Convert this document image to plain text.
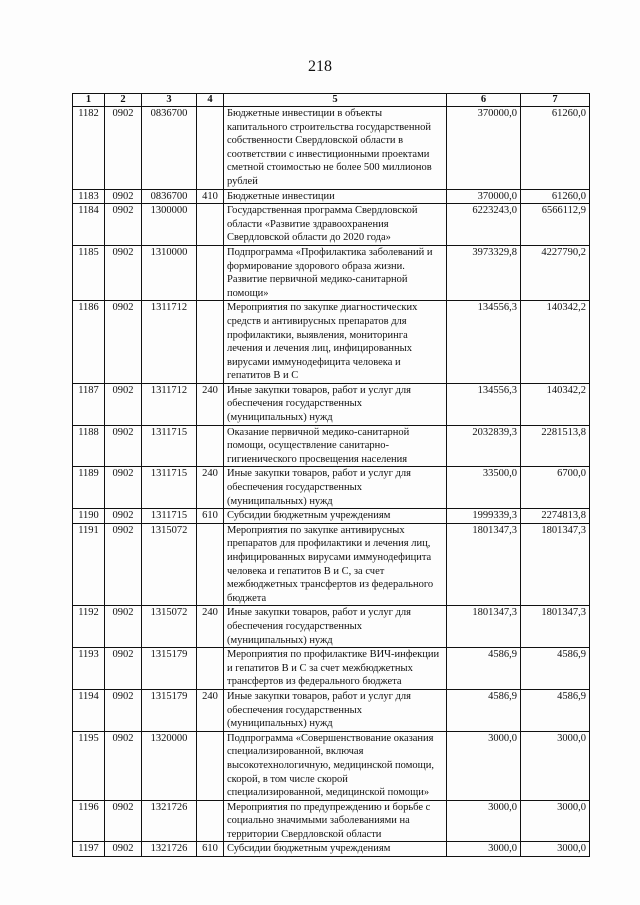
218
1	2	3	4	5	6	7
1182	0902	0836700		Бюджетные инвестиции в объекты капитального строительства государственной собственности Свердловской области в соответствии с инвестиционными проектами сметной стоимостью не более 500 миллионов рублей	370000,0	61260,0
1183	0902	0836700	410	Бюджетные инвестиции	370000,0	61260,0
1184	0902	1300000		Государственная программа Свердловской области «Развитие здравоохранения Свердловской области до 2020 года»	6223243,0	6566112,9
1185	0902	1310000		Подпрограмма «Профилактика заболеваний и формирование здорового образа жизни. Развитие первичной медико-санитарной помощи»	3973329,8	4227790,2
1186	0902	1311712		Мероприятия по закупке диагностических средств и антивирусных препаратов для профилактики, выявления, мониторинга лечения и лечения лиц, инфицированных вирусами иммунодефицита человека и гепатитов В и С	134556,3	140342,2
1187	0902	1311712	240	Иные закупки товаров, работ и услуг для обеспечения государственных (муниципальных) нужд	134556,3	140342,2
1188	0902	1311715		Оказание первичной медико-санитарной помощи, осуществление санитарно-гигиенического просвещения населения	2032839,3	2281513,8
1189	0902	1311715	240	Иные закупки товаров, работ и услуг для обеспечения государственных (муниципальных) нужд	33500,0	6700,0
1190	0902	1311715	610	Субсидии бюджетным учреждениям	1999339,3	2274813,8
1191	0902	1315072		Мероприятия по закупке антивирусных препаратов для профилактики и лечения лиц, инфицированных вирусами иммунодефицита человека и гепатитов В и С, за счет межбюджетных трансфертов из федерального бюджета	1801347,3	1801347,3
1192	0902	1315072	240	Иные закупки товаров, работ и услуг для обеспечения государственных (муниципальных) нужд	1801347,3	1801347,3
1193	0902	1315179		Мероприятия по профилактике ВИЧ-инфекции и гепатитов В и С за счет межбюджетных трансфертов из федерального бюджета	4586,9	4586,9
1194	0902	1315179	240	Иные закупки товаров, работ и услуг для обеспечения государственных (муниципальных) нужд	4586,9	4586,9
1195	0902	1320000		Подпрограмма «Совершенствование оказания специализированной, включая высокотехнологичную, медицинской помощи, скорой, в том числе скорой специализированной, медицинской помощи»	3000,0	3000,0
1196	0902	1321726		Мероприятия по предупреждению и борьбе с социально значимыми заболеваниями на территории Свердловской области	3000,0	3000,0
1197	0902	1321726	610	Субсидии бюджетным учреждениям	3000,0	3000,0
